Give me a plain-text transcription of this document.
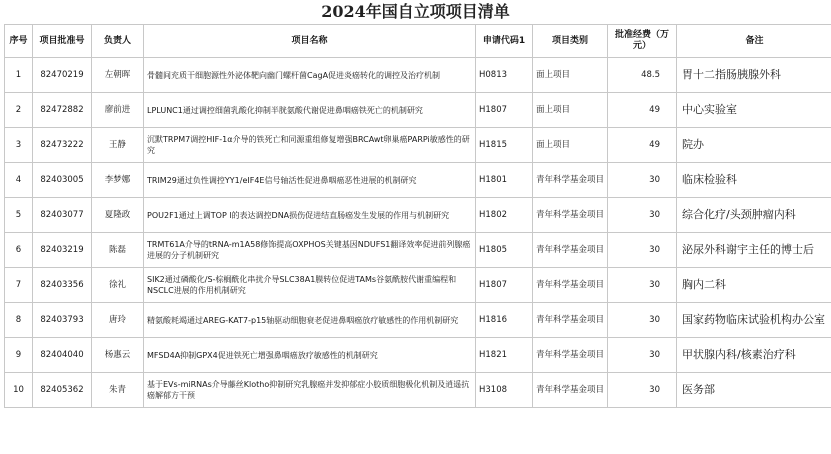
2024年国自立项项目清单
序号	项目批准号	负责人	项目名称	申请代码1	项目类别	批准经费（万元）	备注
1	82470219	左朝晖	骨髓间充质干细胞源性外泌体靶向幽门螺杆菌CagA促进炎癌转化的调控及治疗机制	H0813	面上项目	48.5	胃十二指肠胰腺外科
2	82472882	廖前进	LPLUNC1通过调控细菌乳酸化抑制半胱氨酸代谢促进鼻咽癌铁死亡的机制研究	H1807	面上项目	49	中心实验室
3	82473222	王静	沉默TRPM7调控HIF-1α介导的铁死亡和同源重组修复增强BRCAwt卵巢癌PARPi敏感性的研究	H1815	面上项目	49	院办
4	82403005	李梦娜	TRIM29通过负性调控YY1/eIF4E信号轴活性促进鼻咽癌恶性进展的机制研究	H1801	青年科学基金项目	30	临床检验科
5	82403077	夏隆政	POU2F1通过上调TOP l的表达调控DNA损伤促进结直肠癌发生发展的作用与机制研究	H1802	青年科学基金项目	30	综合化疗/头颈肿瘤内科
6	82403219	陈磊	TRMT61A介导的tRNA-m1A58修饰提高OXPHOS关键基因NDUFS1翻译效率促进前列腺癌进展的分子机制研究	H1805	青年科学基金项目	30	泌尿外科谢宇主任的博士后
7	82403356	徐礼	SIK2通过磷酸化/S-棕榈酰化串扰介导SLC38A1膜转位促进TAMs谷氨酰胺代谢重编程和NSCLC进展的作用机制研究	H1807	青年科学基金项目	30	胸内二科
8	82403793	唐玲	精氨酸耗竭通过AREG-KAT7-p15轴驱动细胞衰老促进鼻咽癌放疗敏感性的作用机制研究	H1816	青年科学基金项目	30	国家药物临床试验机构办公室
9	82404040	杨惠云	MFSD4A抑制GPX4促进铁死亡增强鼻咽癌放疗敏感性的机制研究	H1821	青年科学基金项目	30	甲状腺内科/核素治疗科
10	82405362	朱青	基于EVs-miRNAs介导藤丝Klotho抑制研究乳腺癌并发抑郁症小胶质细胞极化机制及逍遥抗癌解郁方干预	H3108	青年科学基金项目	30	医务部
